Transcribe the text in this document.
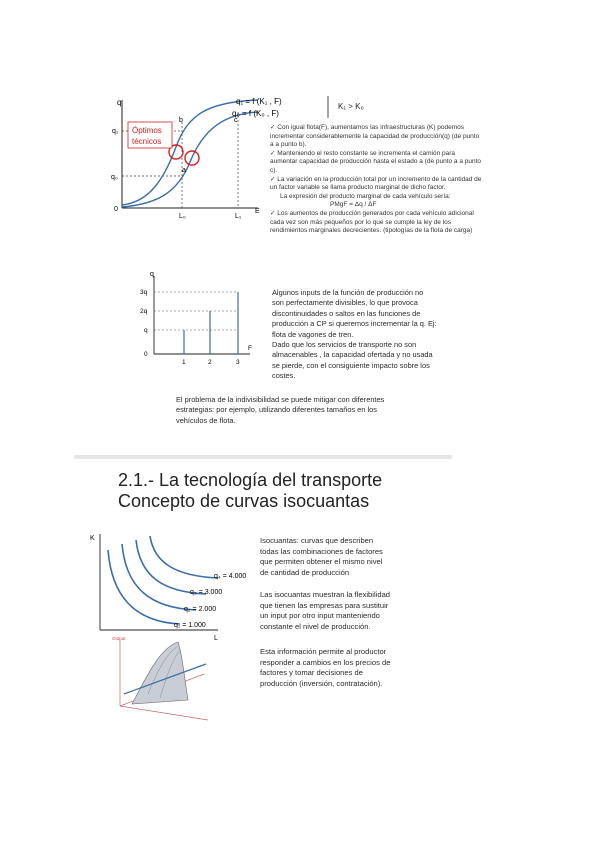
Óptimos
técnicos
q
q₁
q₀
0
L₀	L₁
E
b
a
c
q₁ = f (K₁ , F)
q₀ = f (K₀ , F)
K₁ > K₀
✓ Con igual flota(F), aumentamos las infraestructuras (K) podemos incrementar considerablemente la capacidad de producción(q) (de punto a a punto b).
✓ Manteniendo el resto constante se incrementa el camión para aumentar capacidad de producción hasta el estado a (de punto a a punto c).
✓ La variación en la producción total por un incremento de la cantidad de un factor variable se llama producto marginal de dicho factor.
La expresión del producto marginal de cada vehículo sería:
PMgF = Δq / ΔF
✓ Los aumentos de producción generados por cada vehículo adicional cada vez son más pequeños por lo que se cumple la ley de los rendimientos marginales decrecientes. (tipologías de la flota de carga)
q
3q
2q
q
0
1	2	3
F
Algunos inputs de la función de producción no
son perfectamente divisibles, lo que provoca
discontinuidades o saltos en las funciones de
producción a CP si queremos incrementar la q. Ej:
flota de vagones de tren.
Dado que los servicios de transporte no son
almacenables , la capacidad ofertada y no usada
se pierde, con el consiguiente impacto sobre los
costes.
El problema de la indivisibilidad se puede mitigar con diferentes
estrategias: por ejemplo, utilizando diferentes tamaños en los
vehículos de flota.
2.1.- La tecnología del transporte
Concepto de curvas isocuantas
K
L
q₄ = 4.000
q₃ = 3.000
q₂ = 2.000
q₁ = 1.000
Output
Isocuantas: curvas que describen
todas las combinaciones de factores
que permiten obtener el mismo nivel
de cantidad de producción
Las isocuantas muestran la flexibilidad
que tienen las empresas para sustituir
un input por otro input manteniendo
constante el nivel de producción.
Esta información permite al productor
responder a cambios en los precios de
factores y tomar decisiones de
producción (inversión, contratación).
